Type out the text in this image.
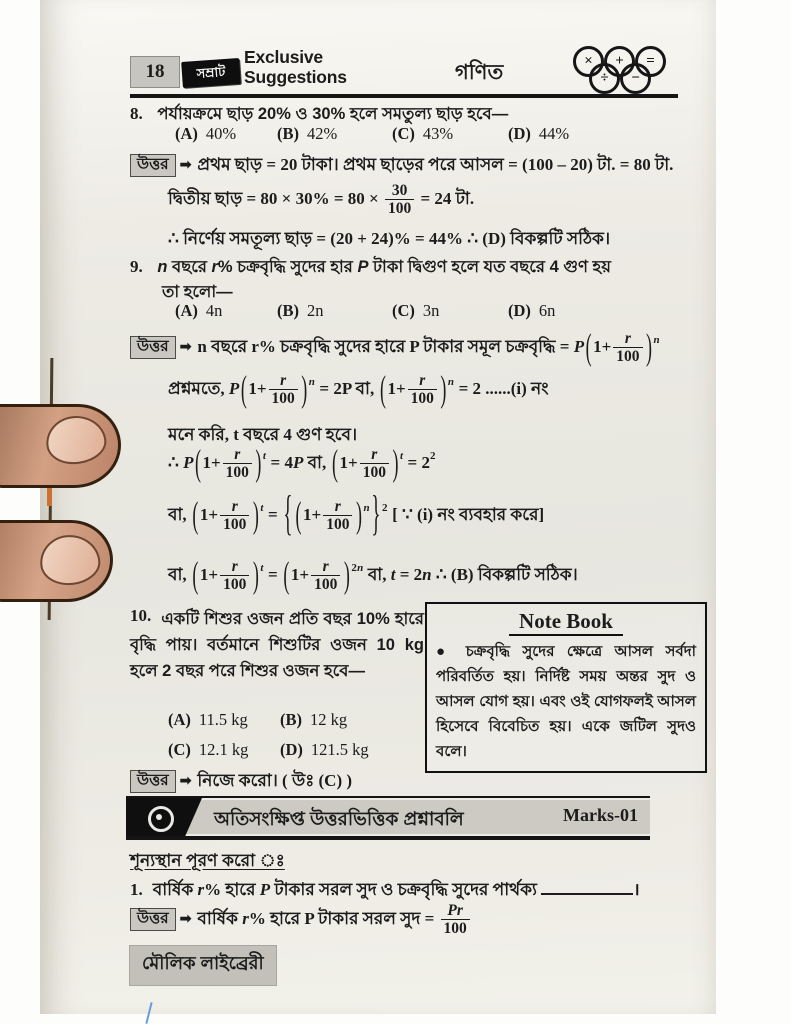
18	সম্রাট
Exclusive
Suggestions	গণিত	×	+	=
÷	−
8. পর্যায়ক্রমে ছাড় 20% ও 30% হলে সমতুল্য ছাড় হবে—
(A) 40% (B) 42%	(C) 43%	(D) 44%
উত্তর ➡ প্রথম ছাড় = 20 টাকা। প্রথম ছাড়ের পরে আসল = (100 – 20) টা. = 80 টা.
দ্বিতীয় ছাড় = $80 \times 30\% = 80 \times \frac{30}{100} = 24$ টা.
∴ নির্ণেয় সমতূল্য ছাড় = (20 + 24)% = 44% ∴ (D) বিকল্পটি সঠিক।
9. n বছরে r% চক্রবৃদ্ধি সুদের হার P টাকা দ্বিগুণ হলে যত বছরে 4 গুণ হয়
তা হলো—
(A) 4n	(B) 2n	(C) 3n	(D) 6n
উত্তর ➡ n বছরে r% চক্রবৃদ্ধি সুদের হারে P টাকার সমূল চক্রবৃদ্ধি = $P(1+ \frac{r}{100}$ ) $^n$
প্রশ্নমতে, $P(1+ \frac{r}{100}$ ) $^n$ = 2P বা, ($1+ \frac{r}{100}$ ) $^n$ = 2 ......(i) নং
মনে করি, t বছরে 4 গুণ হবে।
∴ $P(1+ \frac{r}{100}$ ) $^t$ = 4P বা, ($1+ \frac{r}{100}$ ) $^t = 2^2$
বা, ($1+ \frac{r}{100}$ ) $^t$ = { ($1+ \frac{r}{100}$ ) $^n$} $^2$ [ ∵ (i) নং ব্যবহার করে]
বা, ($1+ \frac{r}{100}$ ) $^t = (1+ \frac{r}{100}$ ) $^{2n}$ বা, t = 2n ∴ (B) বিকল্পটি সঠিক।
10. একটি শিশুর ওজন প্রতি বছর 10% হারে বৃদ্ধি পায়। বর্তমানে শিশুটির ওজন 10 kg হলে 2 বছর পরে শিশুর ওজন হবে—
(A) 11.5 kg (B) 12 kg
(C) 12.1 kg (D) 121.5 kg
Note Book
● চক্রবৃদ্ধি সুদের ক্ষেত্রে আসল সর্বদা পরিবর্তিত হয়। নির্দিষ্ট সময় অন্তর সুদ ও আসল যোগ হয়। এবং ওই যোগফলই আসল হিসেবে বিবেচিত হয়। একে জটিল সুদও বলে।
উত্তর ➡ নিজে করো। ( উঃ (C) )
অতিসংক্ষিপ্ত উত্তরভিত্তিক প্রশ্নাবলি	Marks-01
শূন্যস্থান পূরণ করো ঃ
1. বার্ষিক r% হারে P টাকার সরল সুদ ও চক্রবৃদ্ধি সুদের পার্থক্য	।
উত্তর ➡ বার্ষিক r% হারে P টাকার সরল সুদ = $\frac{Pr}{100}$
মৌলিক লাইব্রেরী
